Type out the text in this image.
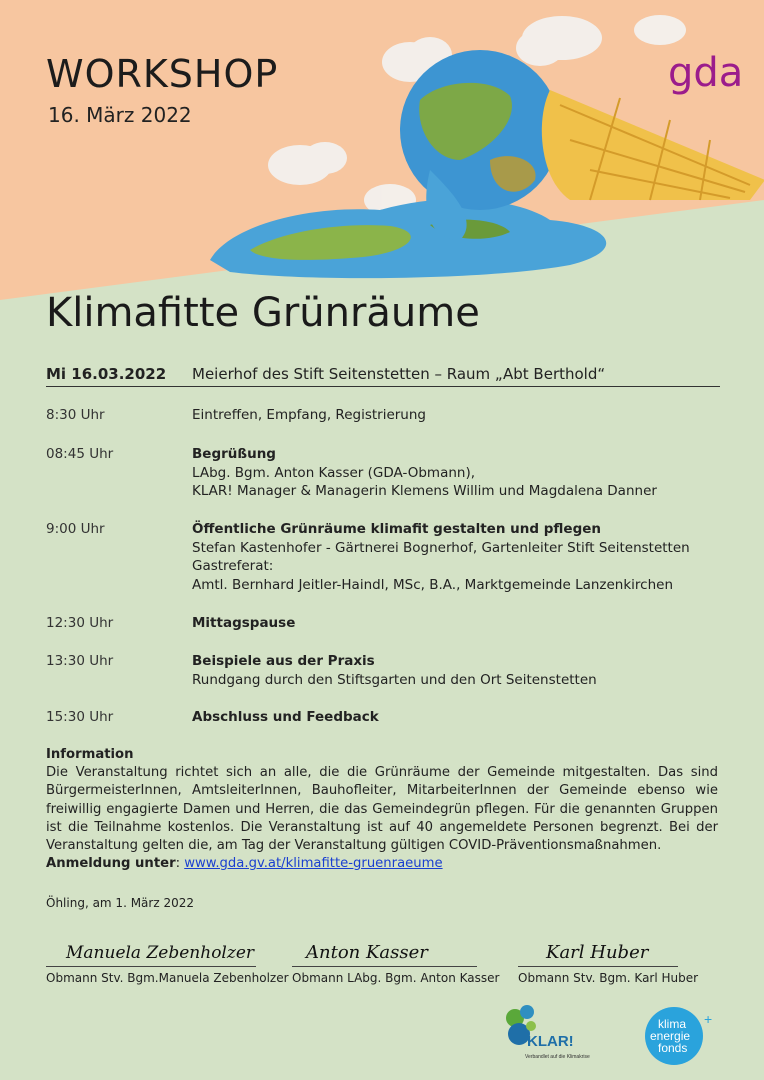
WORKSHOP
16. März 2022
gda
Klimafitte Grünräume
Mi 16.03.2022 Meierhof des Stift Seitenstetten – Raum „Abt Berthold“
8:30 Uhr	Eintreffen, Empfang, Registrierung
08:45 Uhr	Begrüßung
LAbg. Bgm. Anton Kasser (GDA-Obmann),
KLAR! Manager & Managerin Klemens Willim und Magdalena Danner
9:00 Uhr	Öffentliche Grünräume klimafit gestalten und pflegen
Stefan Kastenhofer - Gärtnerei Bognerhof, Gartenleiter Stift Seitenstetten
Gastreferat:
Amtl. Bernhard Jeitler-Haindl, MSc, B.A., Marktgemeinde Lanzenkirchen
12:30 Uhr	Mittagspause
13:30 Uhr	Beispiele aus der Praxis
Rundgang durch den Stiftsgarten und den Ort Seitenstetten
15:30 Uhr	Abschluss und Feedback
Information
Die Veranstaltung richtet sich an alle, die die Grünräume der Gemeinde mitgestalten. Das sind BürgermeisterInnen, AmtsleiterInnen, Bauhofleiter, MitarbeiterInnen der Gemeinde ebenso wie freiwillig engagierte Damen und Herren, die das Gemeindegrün pflegen. Für die genannten Gruppen ist die Teilnahme kostenlos. Die Veranstaltung ist auf 40 angemeldete Personen begrenzt. Bei der Veranstaltung gelten die, am Tag der Veranstaltung gültigen COVID-Präventionsmaßnahmen.
Anmeldung unter: www.gda.gv.at/klimafitte-gruenraeume
Öhling, am 1. März 2022
Manuela Zebenholzer
Obmann Stv. Bgm.Manuela Zebenholzer
Anton Kasser
Obmann LAbg. Bgm. Anton Kasser
Karl Huber
Obmann Stv. Bgm. Karl Huber
KLAR!
Verbandlet auf die Klimakrise
klima
energie
fonds
+
